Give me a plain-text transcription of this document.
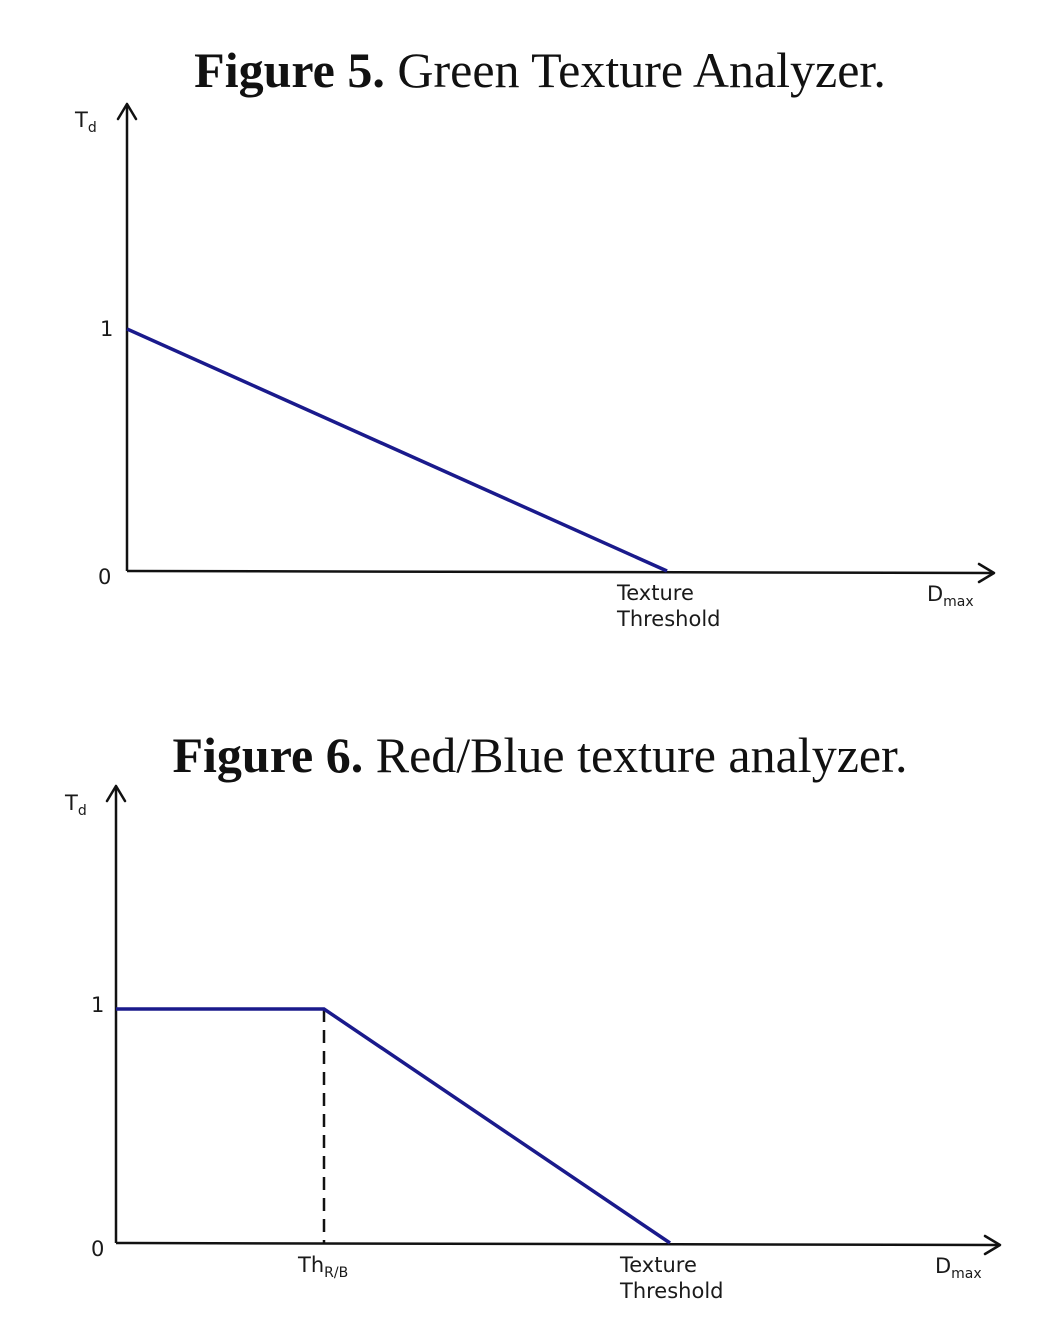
Figure 5. Green Texture Analyzer.
$T_d$
1
0
Texture
Threshold
$D_{max}$
Figure 6. Red/Blue texture analyzer.
$T_d$
1
0
$Th_{R/B}$	Texture
Threshold
$D_{max}$
